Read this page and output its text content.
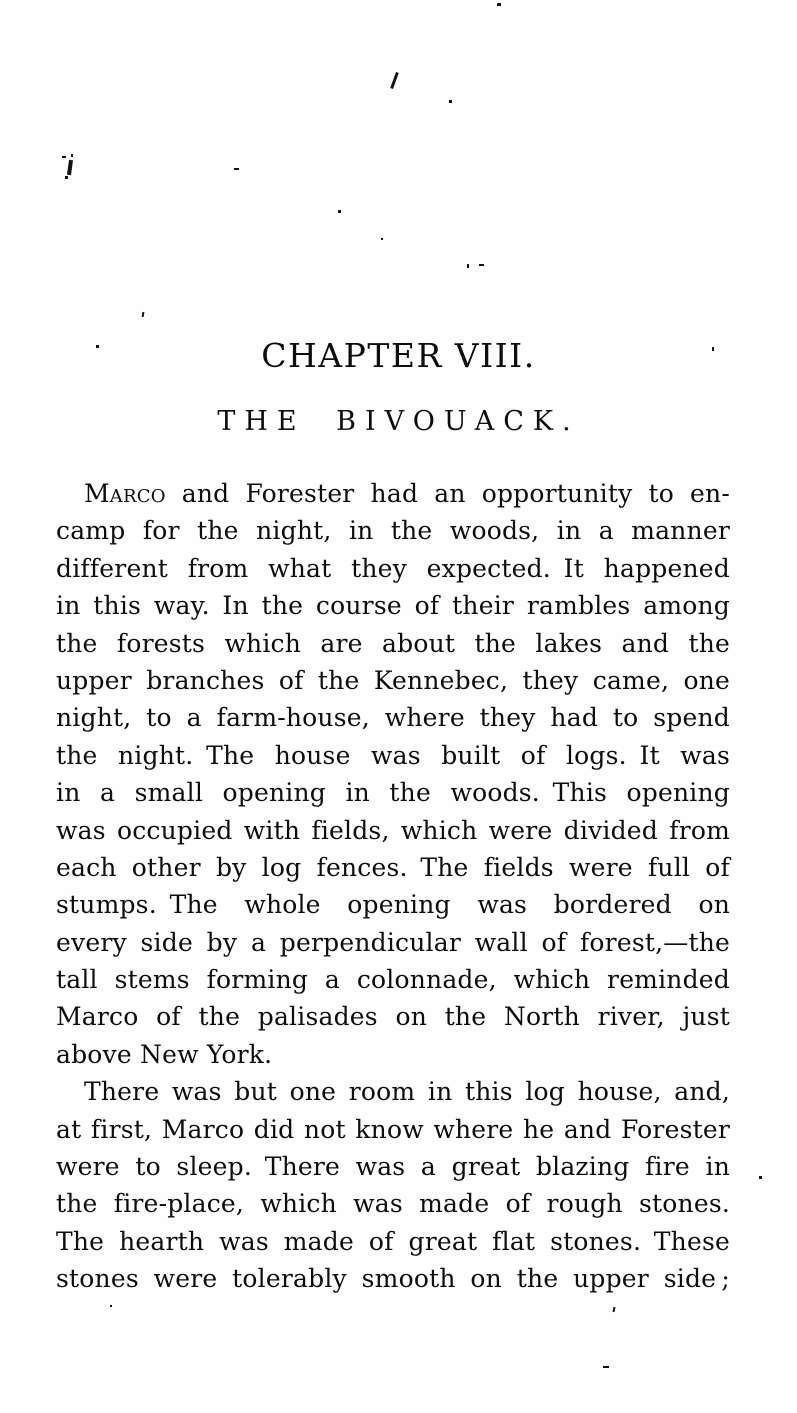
CHAPTER VIII.
THE BIVOUACK.
Marco and Forester had an opportunity to en-
camp for the night, in the woods, in a manner
different from what they expected. It happened
in this way. In the course of their rambles among
the forests which are about the lakes and the
upper branches of the Kennebec, they came, one
night, to a farm-house, where they had to spend
the night. The house was built of logs. It was
in a small opening in the woods. This opening
was occupied with fields, which were divided from
each other by log fences. The fields were full of
stumps. The whole opening was bordered on
every side by a perpendicular wall of forest,—the
tall stems forming a colonnade, which reminded
Marco of the palisades on the North river, just
above New York.
There was but one room in this log house, and,
at first, Marco did not know where he and Forester
were to sleep. There was a great blazing fire in
the fire-place, which was made of rough stones.
The hearth was made of great flat stones. These
stones were tolerably smooth on the upper side ;
